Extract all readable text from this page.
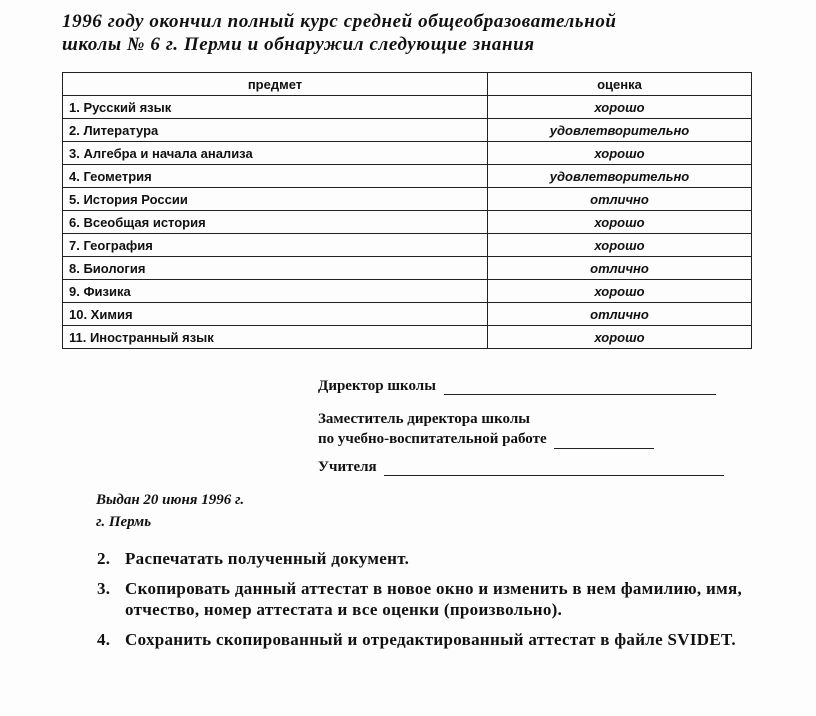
1996 году окончил полный курс средней общеобразовательной
школы № 6 г. Перми и обнаружил следующие знания
предмет	оценка
1. Русский язык	хорошо
2. Литература	удовлетворительно
3. Алгебра и начала анализа	хорошо
4. Геометрия	удовлетворительно
5. История России	отлично
6. Всеобщая история	хорошо
7. География	хорошо
8. Биология	отлично
9. Физика	хорошо
10. Химия	отлично
11. Иностранный язык	хорошо
Директор школы
Заместитель директора школы
по учебно-воспитательной работе
Учителя
Выдан 20 июня 1996 г.
г. Пермь
2. Распечатать полученный документ.
3. Скопировать данный аттестат в новое окно и изменить в нем фамилию, имя, отчество, номер аттестата и все оценки (произвольно).
4. Сохранить скопированный и отредактированный аттестат в файле SVIDET.
